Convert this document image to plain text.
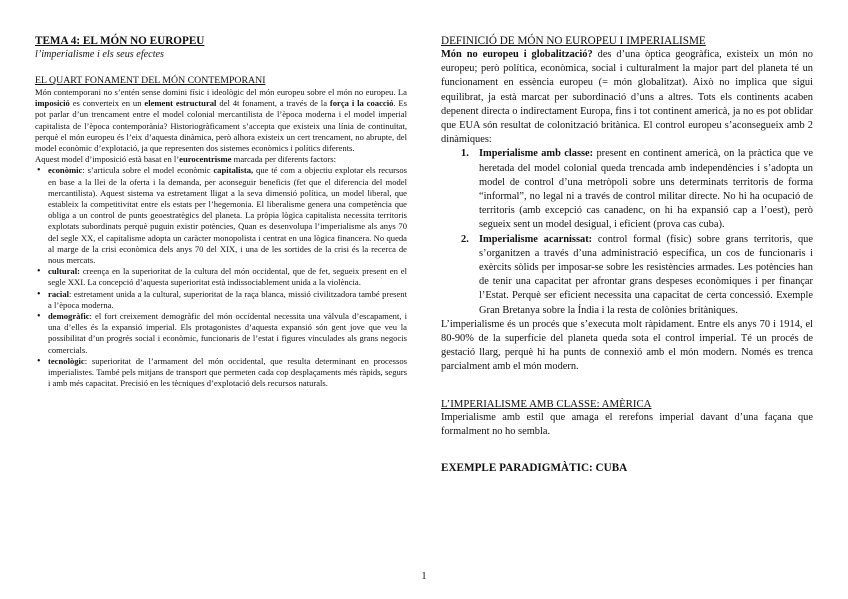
TEMA 4: EL MÓN NO EUROPEU

l’imperialisme i els seus efectes

EL QUART FONAMENT DEL MÓN CONTEMPORANI

Món contemporani no s’entén sense domini físic i ideològic del món europeu sobre el món no europeu. La imposició es converteix en un element estructural del 4t fonament, a través de la força i la coacció. Es pot parlar d’un trencament entre el model colonial mercantilista de l’època moderna i el model imperial capitalista de l’època contemporània? Historiogràficament s’accepta que existeix una línia de continuïtat, perquè el món europeu és l’eix d’aquesta dinàmica, però alhora existeix un cert trencament, no abrupte, del model econòmic d’explotació, ja que representen dos sistemes econòmics i polítics diferents.

Aquest model d’imposició està basat en l’eurocentrisme marcada per diferents factors:

• econòmic: s’articula sobre el model econòmic capitalista, que té com a objectiu explotar els recursos en base a la llei de la oferta i la demanda, per aconseguir beneficis (fet que el diferencia del model mercantilista). Aquest sistema va estretament lligat a la seva dimensió política, un model liberal, que estableix la competitivitat entre els estats per l’hegemonia. El liberalisme genera una competència que obliga a un control de punts geoestratègics del planeta. La pròpia lògica capitalista necessita territoris explotats subordinats perquè puguin existir potències, Quan es desenvolupa l’imperialisme als anys 70 del segle XX, el capitalisme adopta un caràcter monopolista i centrat en una lògica financera. No queda al marge de la crisi econòmica dels anys 70 del XIX, i una de les sortides de la crisi és la recerca de nous mercats.
• cultural: creença en la superioritat de la cultura del món occidental, que de fet, segueix present en el segle XXI. La concepció d’aquesta superioritat està indissociablement unida a la violència.
• racial: estretament unida a la cultural, superioritat de la raça blanca, missió civilitzadora també present a l’època moderna.
• demogràfic: el fort creixement demogràfic del món occidental necessita una vàlvula d’escapament, i una d’elles és la expansió imperial. Els protagonistes d’aquesta expansió són gent jove que veu la possibilitat d’un progrés social i econòmic, funcionaris de l’estat i figures vinculades als grans negocis comercials.
• tecnològic: superioritat de l’armament del món occidental, que resulta determinant en processos imperialistes. També pels mitjans de transport que permeten cada cop desplaçaments més ràpids, segurs i amb més capacitat. Precisió en les tècniques d’explotació dels recursos naturals.

DEFINICIÓ DE MÓN NO EUROPEU I IMPERIALISME

Món no europeu i globalització? des d’una òptica geogràfica, existeix un món no europeu; però política, econòmica, social i culturalment la major part del planeta té un funcionament en essència europeu (= món globalitzat). Això no implica que sigui equilibrat, ja està marcat per subordinació d’uns a altres. Tots els continents acaben depenent directa o indirectament Europa, fins i tot continent americà, ja no es pot oblidar que EUA són resultat de colonització britànica. El control europeu s’aconsegueix amb 2 dinàmiques:

1. Imperialisme amb classe: present en continent americà, on la pràctica que ve heretada del model colonial queda trencada amb independències i s’adopta un model de control d’una metròpoli sobre uns determinats territoris de forma “informal”, no legal ni a través de control militar directe. No hi ha ocupació de territoris (amb excepció cas canadenc, on hi ha expansió cap a l’oest), però segueix sent un model desigual, i eficient (prova cas cuba).
2. Imperialisme acarnissat: control formal (físic) sobre grans territoris, que s’organitzen a través d’una administració específica, un cos de funcionaris i exèrcits sòlids per imposar-se sobre les resistències armades. Les potències han de tenir una capacitat per afrontar grans despeses econòmiques i per finançar l’Estat. Perquè ser eficient necessita una capacitat de certa concessió. Exemple Gran Bretanya sobre la Índia i la resta de colònies britàniques.

L’imperialisme és un procés que s’executa molt ràpidament. Entre els anys 70 i 1914, el 80-90% de la superfície del planeta queda sota el control imperial. Té un procés de gestació llarg, perquè hi ha punts de connexió amb el món modern. Només es trenca parcialment amb el món modern.

L’IMPERIALISME AMB CLASSE: AMÈRICA

Imperialisme amb estil que amaga el rerefons imperial davant d’una façana que formalment no ho sembla.

EXEMPLE PARADIGMÀTIC: CUBA

1
